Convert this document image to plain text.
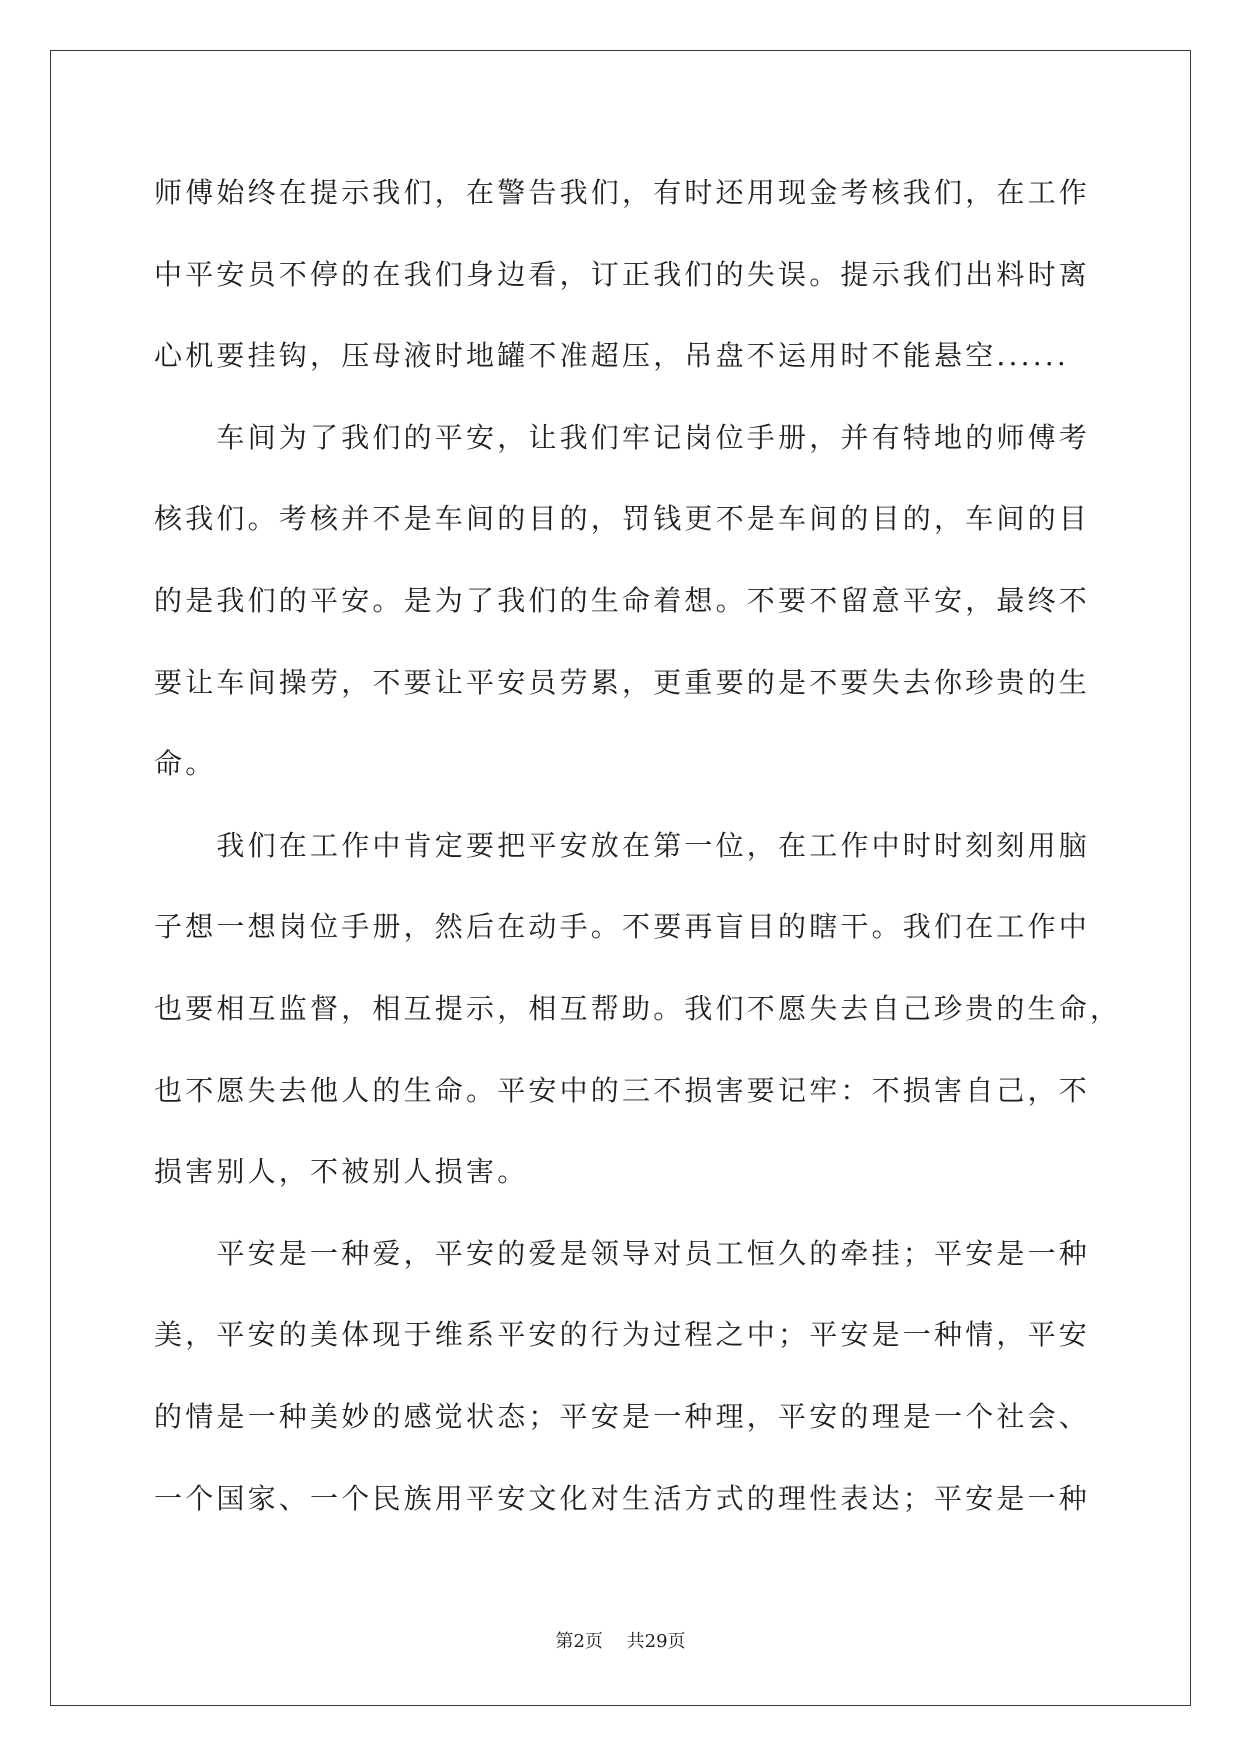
师傅始终在提示我们，在警告我们，有时还用现金考核我们，在工作
中平安员不停的在我们身边看，订正我们的失误。提示我们出料时离
心机要挂钩，压母液时地罐不准超压，吊盘不运用时不能悬空......
车间为了我们的平安，让我们牢记岗位手册，并有特地的师傅考
核我们。考核并不是车间的目的，罚钱更不是车间的目的，车间的目
的是我们的平安。是为了我们的生命着想。不要不留意平安，最终不
要让车间操劳，不要让平安员劳累，更重要的是不要失去你珍贵的生
命。
我们在工作中肯定要把平安放在第一位，在工作中时时刻刻用脑
子想一想岗位手册，然后在动手。不要再盲目的瞎干。我们在工作中
也要相互监督，相互提示，相互帮助。我们不愿失去自己珍贵的生命，
也不愿失去他人的生命。平安中的三不损害要记牢：不损害自己，不
损害别人，不被别人损害。
平安是一种爱，平安的爱是领导对员工恒久的牵挂；平安是一种
美，平安的美体现于维系平安的行为过程之中；平安是一种情，平安
的情是一种美妙的感觉状态；平安是一种理，平安的理是一个社会、
一个国家、一个民族用平安文化对生活方式的理性表达；平安是一种
第2页 共29页
